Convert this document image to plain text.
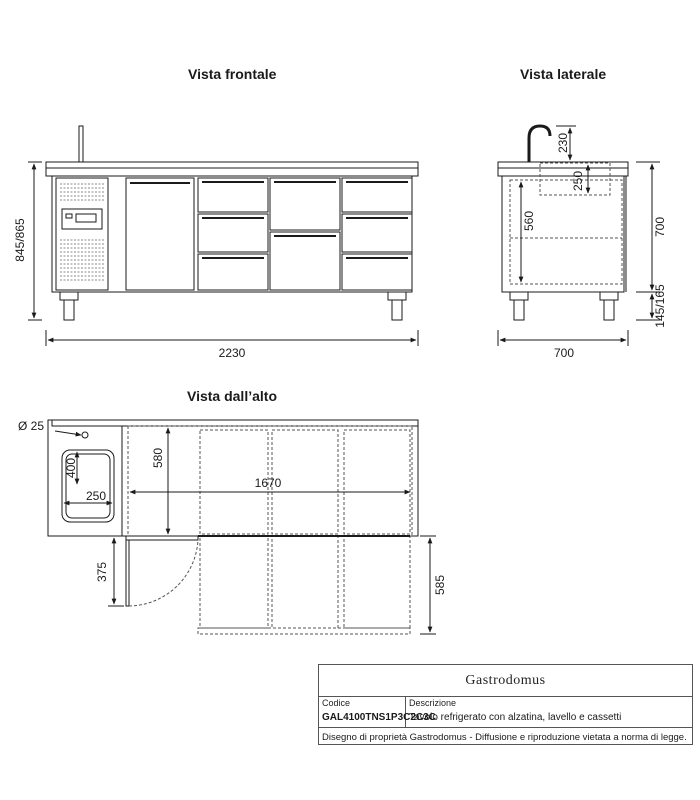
845/865
2230
230
250
560	700
145/165
700
Ø 25
400
250
580
1670
375
585
Vista frontale	Vista laterale
Vista dall’alto
Gastrodomus
Codice
GAL4100TNS1P3C2C3C
Descrizione
Tavolo refrigerato con alzatina, lavello e cassetti
Disegno di proprietà Gastrodomus - Diffusione e riproduzione vietata a norma di legge.
